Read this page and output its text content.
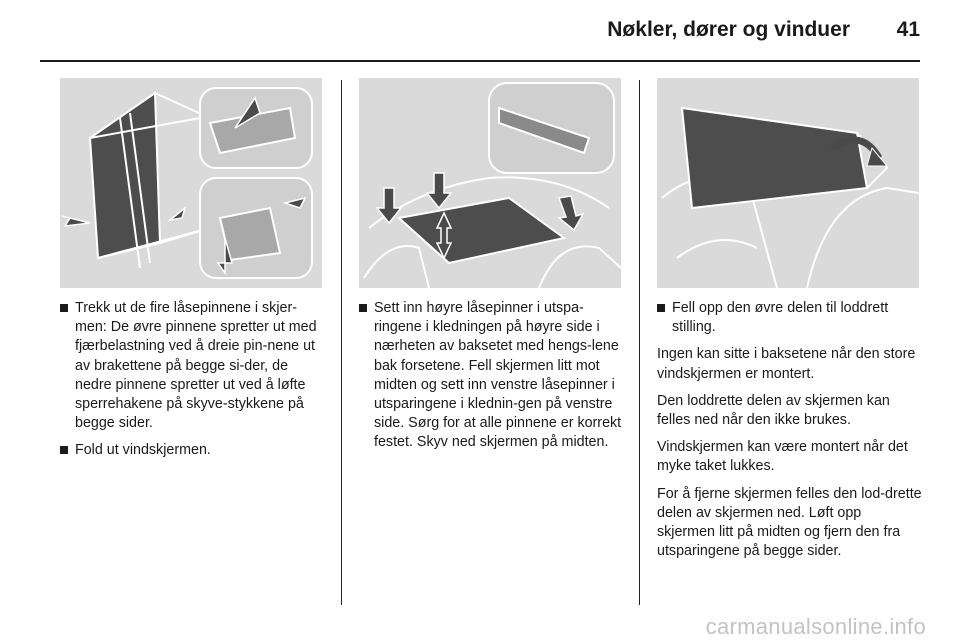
Nøkler, dører og vinduer	41
Trekk ut de fire låsepinnene i skjer-men: De øvre pinnene spretter ut med fjærbelastning ved å dreie pin-nene ut av brakettene på begge si-der, de nedre pinnene spretter ut ved å løfte sperrehakene på skyve-stykkene på begge sider.
Fold ut vindskjermen.
Sett inn høyre låsepinner i utspa-ringene i kledningen på høyre side i nærheten av baksetet med hengs-lene bak forsetene. Fell skjermen litt mot midten og sett inn venstre låsepinner i utsparingene i klednin-gen på venstre side. Sørg for at alle pinnene er korrekt festet. Skyv ned skjermen på midten.
Fell opp den øvre delen til loddrett stilling.

Ingen kan sitte i baksetene når den store vindskjermen er montert.

Den loddrette delen av skjermen kan felles ned når den ikke brukes.

Vindskjermen kan være montert når det myke taket lukkes.

For å fjerne skjermen felles den lod-drette delen av skjermen ned. Løft opp skjermen litt på midten og fjern den fra utsparingene på begge sider.

carmanualsonline.info
